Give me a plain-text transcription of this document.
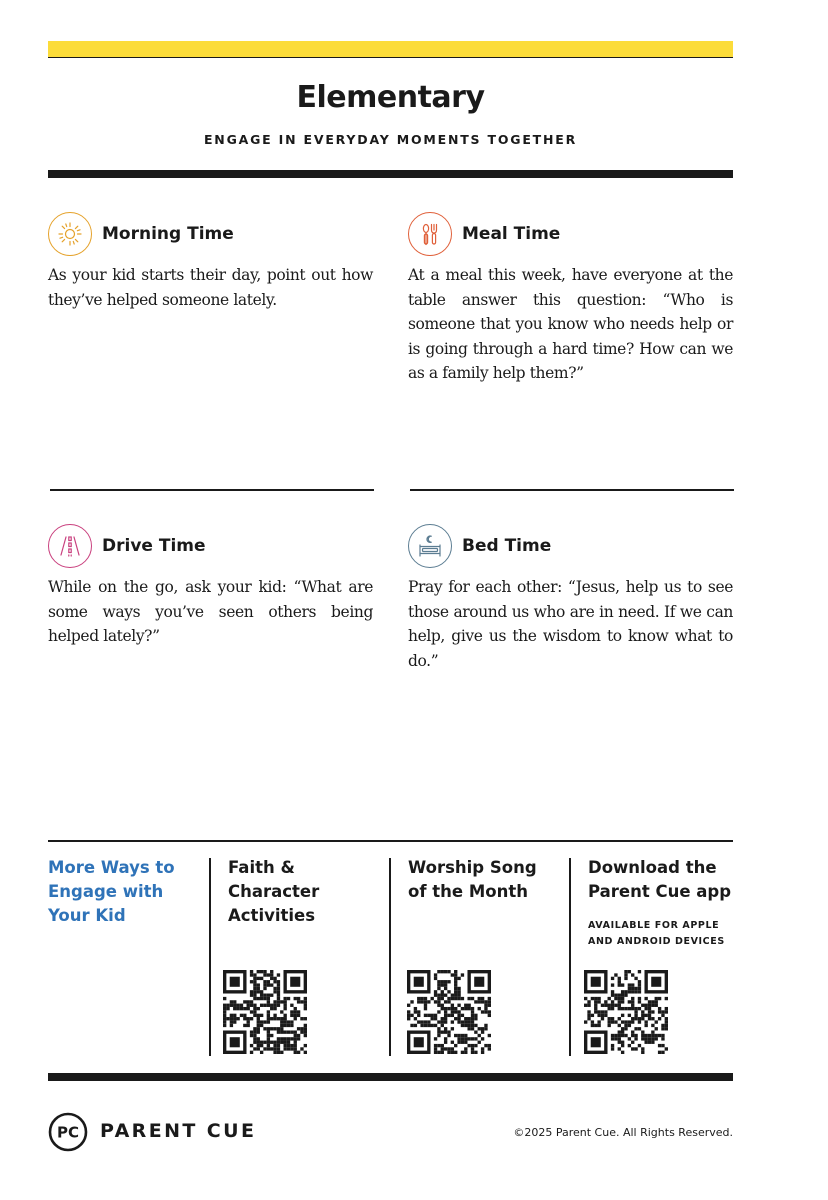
Elementary
ENGAGE IN EVERYDAY MOMENTS TOGETHER
Morning Time
As your kid starts their day, point out how they’ve helped someone lately.
Meal Time
At a meal this week, have everyone at the table answer this question: “Who is someone that you know who needs help or is going through a hard time? How can we as a family help them?”
Drive Time
While on the go, ask your kid: “What are some ways you’ve seen others being helped lately?”
Bed Time
Pray for each other: “Jesus, help us to see those around us who are in need. If we can help, give us the wisdom to know what to do.”
More Ways to Engage with Your Kid
Faith & Character Activities
Worship Song of the Month
Download the Parent Cue app
AVAILABLE FOR APPLE AND ANDROID DEVICES
PC PARENT CUE	©2025 Parent Cue. All Rights Reserved.
